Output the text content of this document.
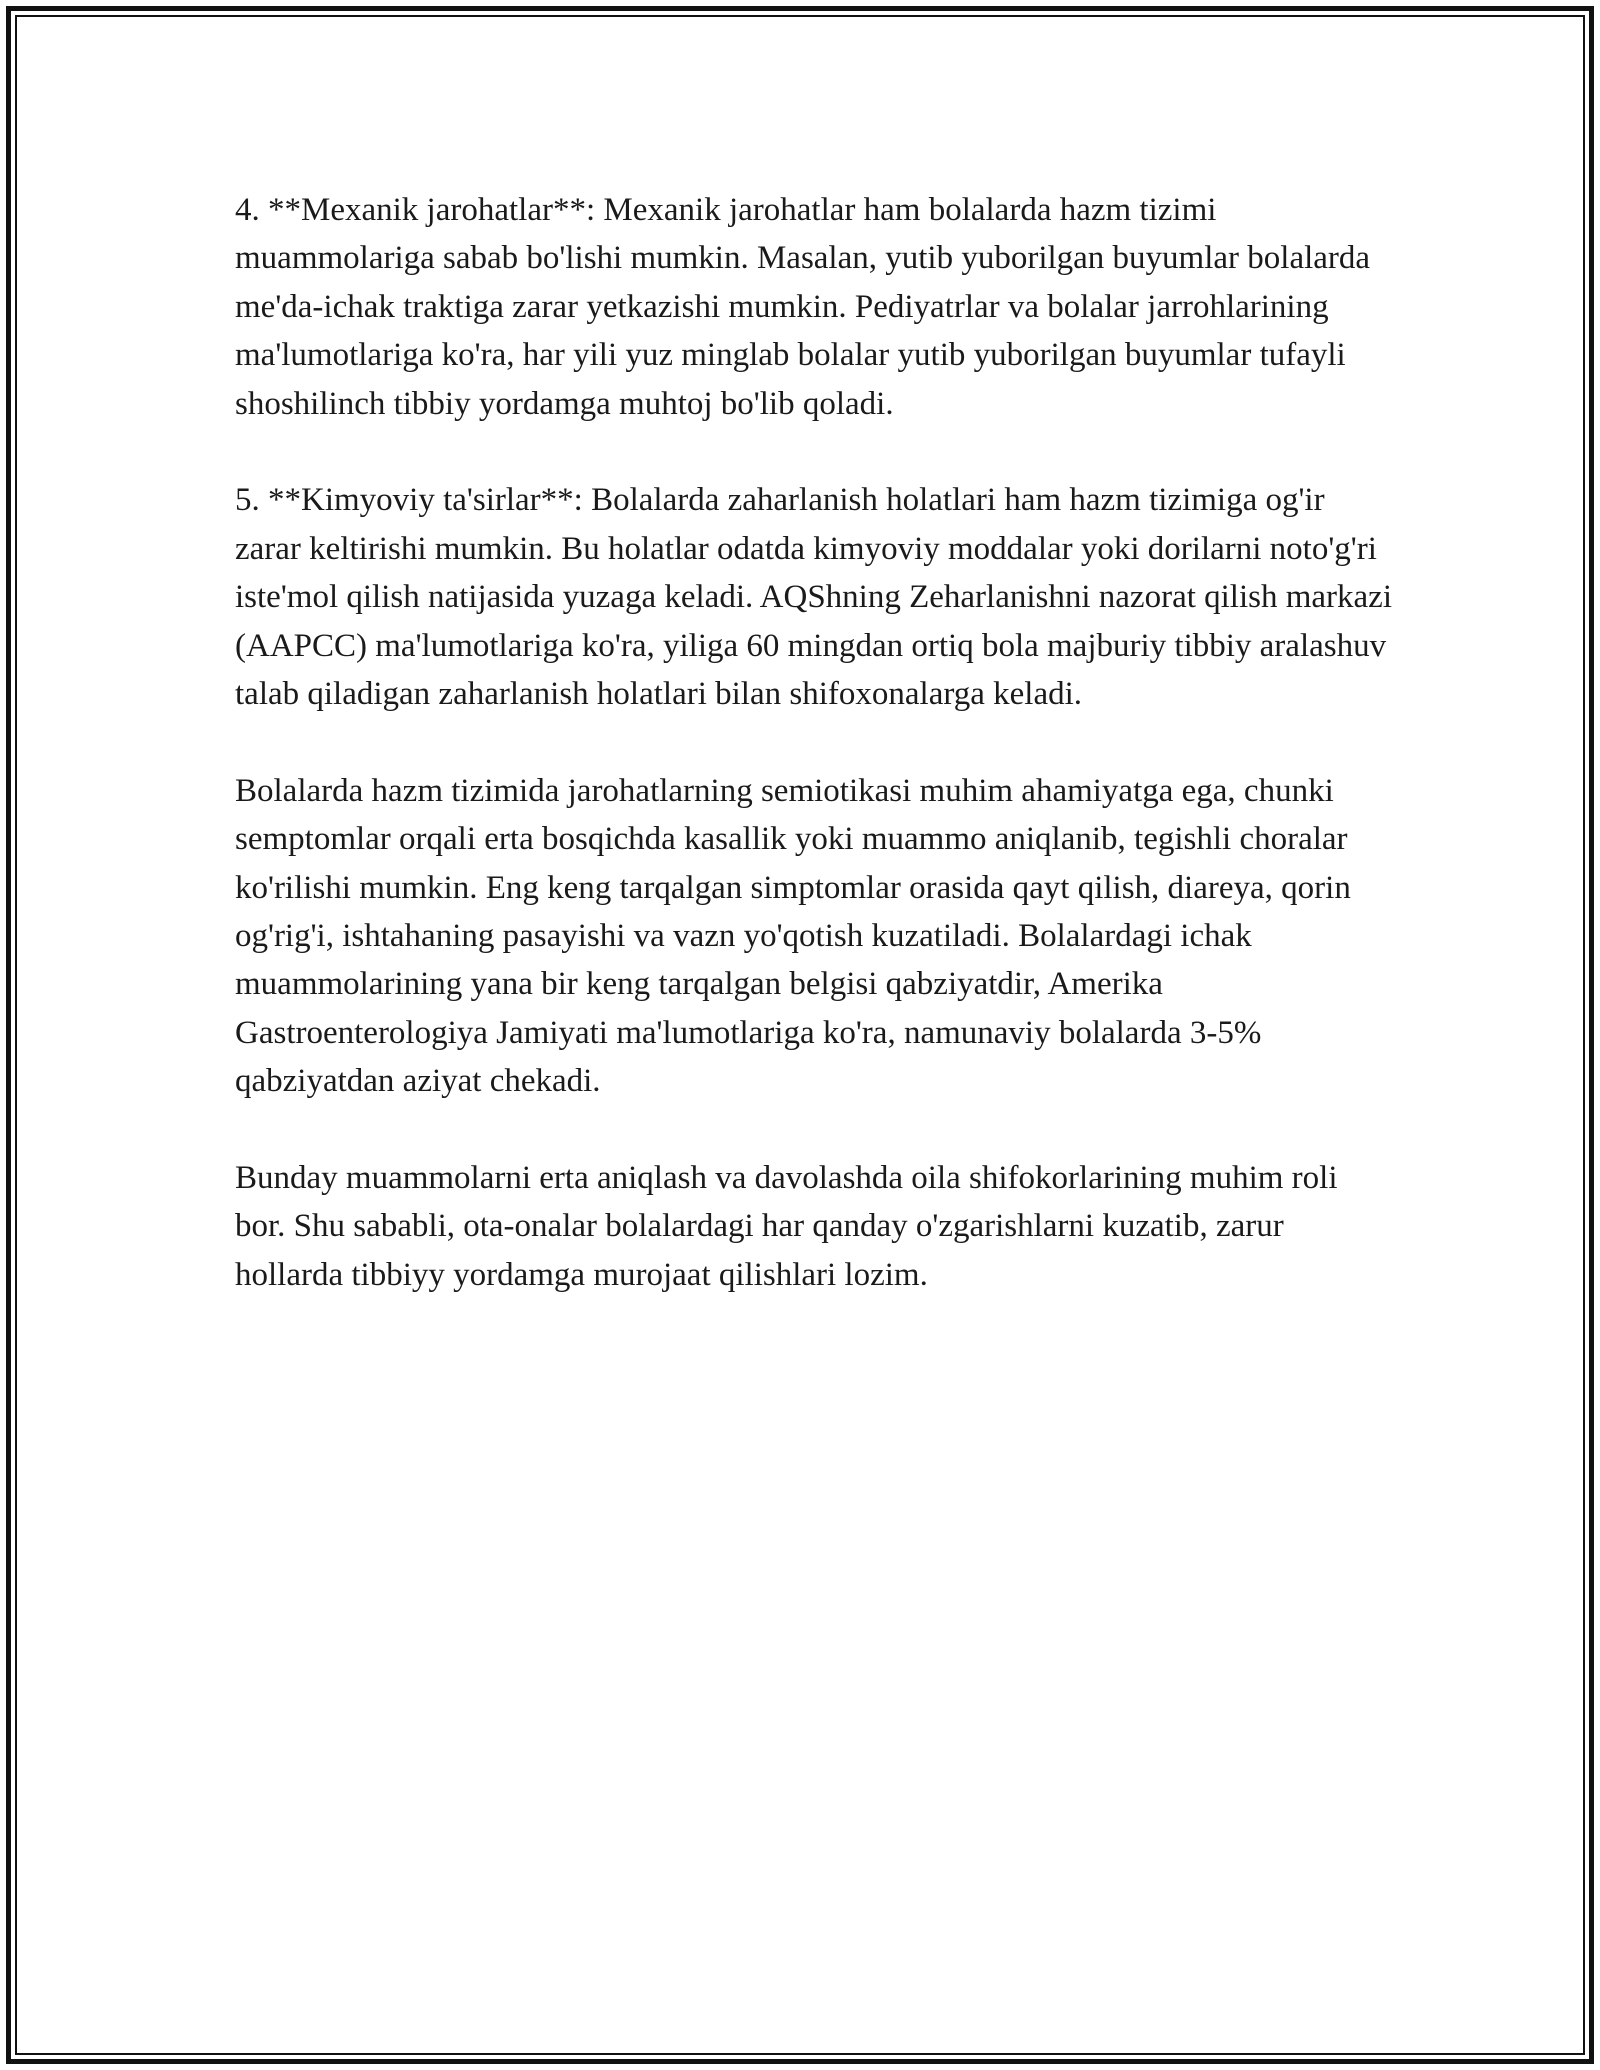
4. **Mexanik jarohatlar**: Mexanik jarohatlar ham bolalarda hazm tizimi muammolariga sabab bo'lishi mumkin. Masalan, yutib yuborilgan buyumlar bolalarda me'da-ichak traktiga zarar yetkazishi mumkin. Pediyatrlar va bolalar jarrohlarining ma'lumotlariga ko'ra, har yili yuz minglab bolalar yutib yuborilgan buyumlar tufayli shoshilinch tibbiy yordamga muhtoj bo'lib qoladi.

5. **Kimyoviy ta'sirlar**: Bolalarda zaharlanish holatlari ham hazm tizimiga og'ir zarar keltirishi mumkin. Bu holatlar odatda kimyoviy moddalar yoki dorilarni noto'g'ri iste'mol qilish natijasida yuzaga keladi. AQShning Zeharlanishni nazorat qilish markazi (AAPCC) ma'lumotlariga ko'ra, yiliga 60 mingdan ortiq bola majburiy tibbiy aralashuv talab qiladigan zaharlanish holatlari bilan shifoxonalarga keladi.

Bolalarda hazm tizimida jarohatlarning semiotikasi muhim ahamiyatga ega, chunki semptomlar orqali erta bosqichda kasallik yoki muammo aniqlanib, tegishli choralar ko'rilishi mumkin. Eng keng tarqalgan simptomlar orasida qayt qilish, diareya, qorin og'rig'i, ishtahaning pasayishi va vazn yo'qotish kuzatiladi. Bolalardagi ichak muammolarining yana bir keng tarqalgan belgisi qabziyatdir, Amerika Gastroenterologiya Jamiyati ma'lumotlariga ko'ra, namunaviy bolalarda 3-5% qabziyatdan aziyat chekadi.

Bunday muammolarni erta aniqlash va davolashda oila shifokorlarining muhim roli bor. Shu sababli, ota-onalar bolalardagi har qanday o'zgarishlarni kuzatib, zarur hollarda tibbiyy yordamga murojaat qilishlari lozim.
